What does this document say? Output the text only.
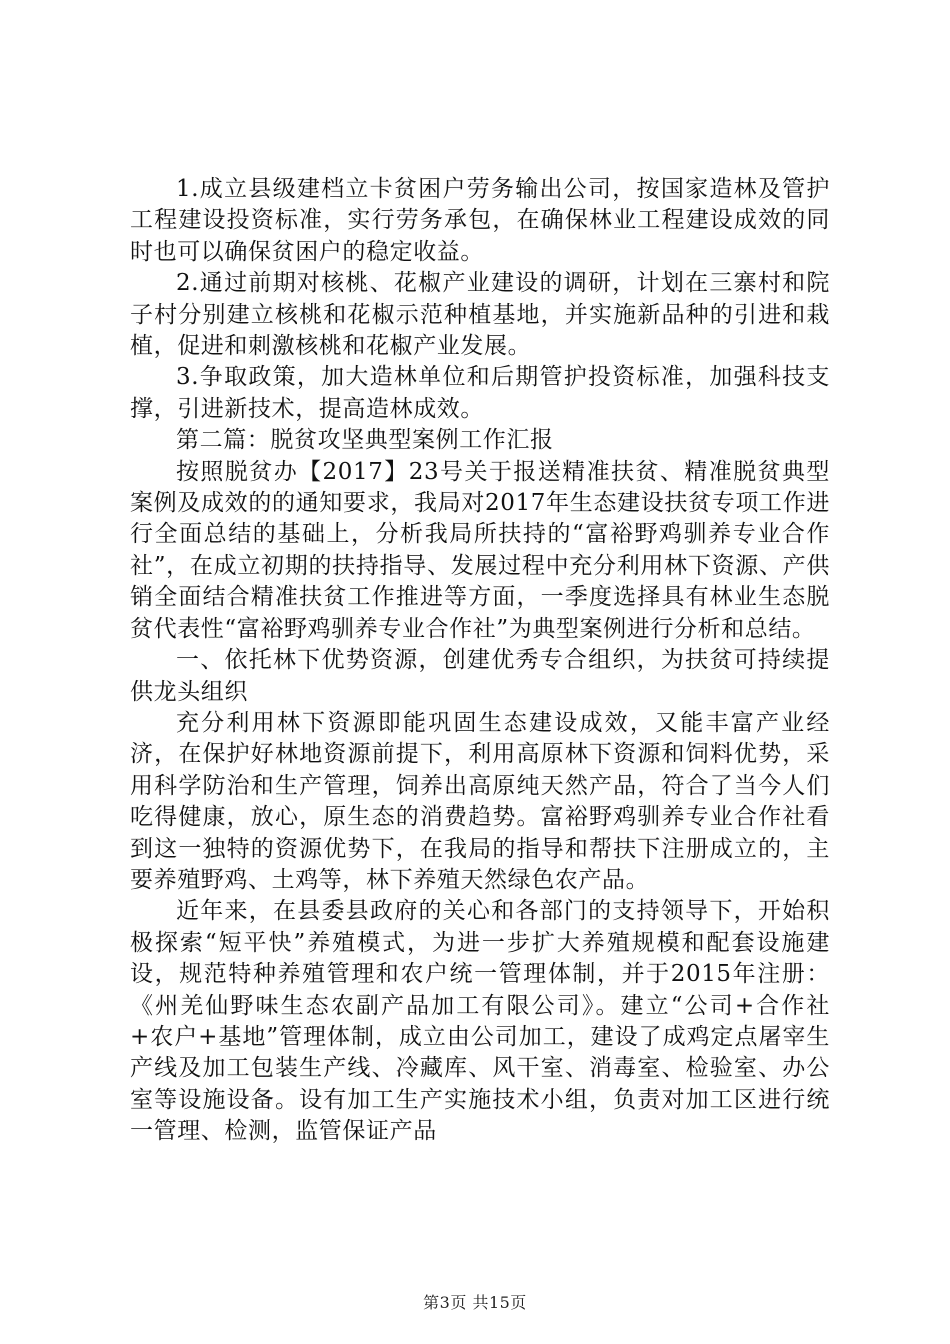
1.成立县级建档立卡贫困户劳务输出公司，按国家造林及管护工程建设投资标准，实行劳务承包，在确保林业工程建设成效的同时也可以确保贫困户的稳定收益。

2.通过前期对核桃、花椒产业建设的调研，计划在三寨村和院子村分别建立核桃和花椒示范种植基地，并实施新品种的引进和栽植，促进和刺激核桃和花椒产业发展。

3.争取政策，加大造林单位和后期管护投资标准，加强科技支撑，引进新技术，提高造林成效。

第二篇：脱贫攻坚典型案例工作汇报

按照脱贫办【2017】23号关于报送精准扶贫、精准脱贫典型案例及成效的的通知要求，我局对2017年生态建设扶贫专项工作进行全面总结的基础上，分析我局所扶持的“富裕野鸡驯养专业合作社”，在成立初期的扶持指导、发展过程中充分利用林下资源、产供销全面结合精准扶贫工作推进等方面，一季度选择具有林业生态脱贫代表性“富裕野鸡驯养专业合作社”为典型案例进行分析和总结。

一、依托林下优势资源，创建优秀专合组织，为扶贫可持续提供龙头组织

充分利用林下资源即能巩固生态建设成效，又能丰富产业经济，在保护好林地资源前提下，利用高原林下资源和饲料优势，采用科学防治和生产管理，饲养出高原纯天然产品，符合了当今人们吃得健康，放心，原生态的消费趋势。富裕野鸡驯养专业合作社看到这一独特的资源优势下，在我局的指导和帮扶下注册成立的，主要养殖野鸡、土鸡等，林下养殖天然绿色农产品。

近年来，在县委县政府的关心和各部门的支持领导下，开始积极探索“短平快”养殖模式，为进一步扩大养殖规模和配套设施建设，规范特种养殖管理和农户统一管理体制，并于2015年注册：《州羌仙野味生态农副产品加工有限公司》。建立“公司+合作社+农户+基地”管理体制，成立由公司加工，建设了成鸡定点屠宰生产线及加工包装生产线、冷藏库、风干室、消毒室、检验室、办公室等设施设备。设有加工生产实施技术小组，负责对加工区进行统一管理、检测，监管保证产品

第3页 共15页
